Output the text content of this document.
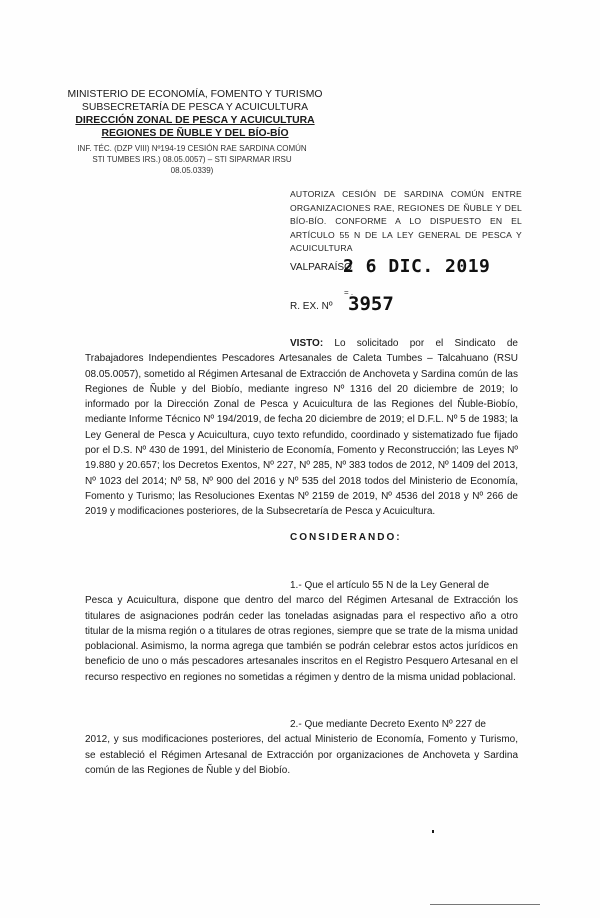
MINISTERIO DE ECONOMÍA, FOMENTO Y TURISMO
SUBSECRETARÍA DE PESCA Y ACUICULTURA
DIRECCIÓN ZONAL DE PESCA Y ACUICULTURA
REGIONES DE ÑUBLE Y DEL BÍO-BÍO
INF. TÉC. (DZP VIII) Nº194-19 CESIÓN RAE SARDINA COMÚN
STI TUMBES IRS.) 08.05.0057) – STI SIPARMAR IRSU
08.05.0339)
AUTORIZA CESIÓN DE SARDINA COMÚN ENTRE ORGANIZACIONES RAE, REGIONES DE ÑUBLE Y DEL BÍO-BÍO. CONFORME A LO DISPUESTO EN EL ARTÍCULO 55 N DE LA LEY GENERAL DE PESCA Y ACUICULTURA
VALPARAÍSO
2 6 DIC. 2019
R. EX. Nº
= .
3957
VISTO: Lo solicitado por el Sindicato de Trabajadores Independientes Pescadores Artesanales de Caleta Tumbes – Talcahuano (RSU 08.05.0057), sometido al Régimen Artesanal de Extracción de Anchoveta y Sardina común de las Regiones de Ñuble y del Biobío, mediante ingreso Nº 1316 del 20 diciembre de 2019; lo informado por la Dirección Zonal de Pesca y Acuicultura de las Regiones del Ñuble-Biobío, mediante Informe Técnico Nº 194/2019, de fecha 20 diciembre de 2019; el D.F.L. Nº 5 de 1983; la Ley General de Pesca y Acuicultura, cuyo texto refundido, coordinado y sistematizado fue fijado por el D.S. Nº 430 de 1991, del Ministerio de Economía, Fomento y Reconstrucción; las Leyes Nº 19.880 y 20.657; los Decretos Exentos, Nº 227, Nº 285, Nº 383 todos de 2012, Nº 1409 del 2013, Nº 1023 del 2014; Nº 58, Nº 900 del 2016 y Nº 535 del 2018 todos del Ministerio de Economía, Fomento y Turismo; las Resoluciones Exentas Nº 2159 de 2019, Nº 4536 del 2018 y Nº 266 de 2019 y modificaciones posteriores, de la Subsecretaría de Pesca y Acuicultura.
CONSIDERANDO:
1.- Que el artículo 55 N de la Ley General de
Pesca y Acuicultura, dispone que dentro del marco del Régimen Artesanal de Extracción los titulares de asignaciones podrán ceder las toneladas asignadas para el respectivo año a otro titular de la misma región o a titulares de otras regiones, siempre que se trate de la misma unidad poblacional. Asimismo, la norma agrega que también se podrán celebrar estos actos jurídicos en beneficio de uno o más pescadores artesanales inscritos en el Registro Pesquero Artesanal en el recurso respectivo en regiones no sometidas a régimen y dentro de la misma unidad poblacional.
2.- Que mediante Decreto Exento Nº 227 de
2012, y sus modificaciones posteriores, del actual Ministerio de Economía, Fomento y Turismo, se estableció el Régimen Artesanal de Extracción por organizaciones de Anchoveta y Sardina común de las Regiones de Ñuble y del Biobío.
